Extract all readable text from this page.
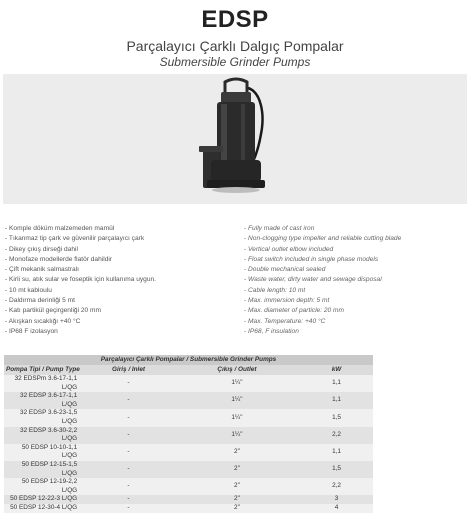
EDSP
Parçalayıcı Çarklı Dalgıç Pompalar
Submersible Grinder Pumps
- Komple döküm malzemeden mamül
- Tıkanmaz tip çark ve güvenilir parçalayıcı çark
- Dikey çıkış dirseği dahil
- Monofaze modellerde flatör dahildir
- Çift mekanik salmastralı
- Kirli su, atık sular ve foseptik için kullanıma uygun.
- 10 mt kabloulu
- Daldırma derinliği 5 mt
- Katı partikül geçirgenliği 20 mm
- Akışkan sıcaklığı +40 °C
- IP68 F izolasyon
- Fully made of cast iron
- Non-clogging type impeller and reliable cutting blade
- Vertical outlet elbow included
- Float switch included in single phase models
- Double mechanical sealed
- Waste water, dirty water and sewage disposal
- Cable length: 10 mt
- Max. immersion depth: 5 mt
- Max. diameter of particle: 20 mm
- Max. Temperature: +40 °C
- IP68, F insulation
Parçalayıcı Çarklı Pompalar / Submersible Grinder Pumps			
Pompa Tipi / Pump Type	Giriş / Inlet	Çıkış / Outlet	kW
32 EDSPm 3.6-17-1,1 L/QG	-	1¼"	1,1
32 EDSP 3.6-17-1,1 L/QG	-	1¼"	1,1
32 EDSP 3.6-23-1,5 L/QG	-	1¼"	1,5
32 EDSP 3.6-30-2,2 L/QG	-	1¼"	2,2
50 EDSP 10-10-1,1 L/QG	-	2"	1,1
50 EDSP 12-15-1,5 L/QG	-	2"	1,5
50 EDSP 12-19-2,2 L/QG	-	2"	2,2
50 EDSP 12-22-3 L/QG	-	2"	3
50 EDSP 12-30-4 L/QG	-	2"	4
